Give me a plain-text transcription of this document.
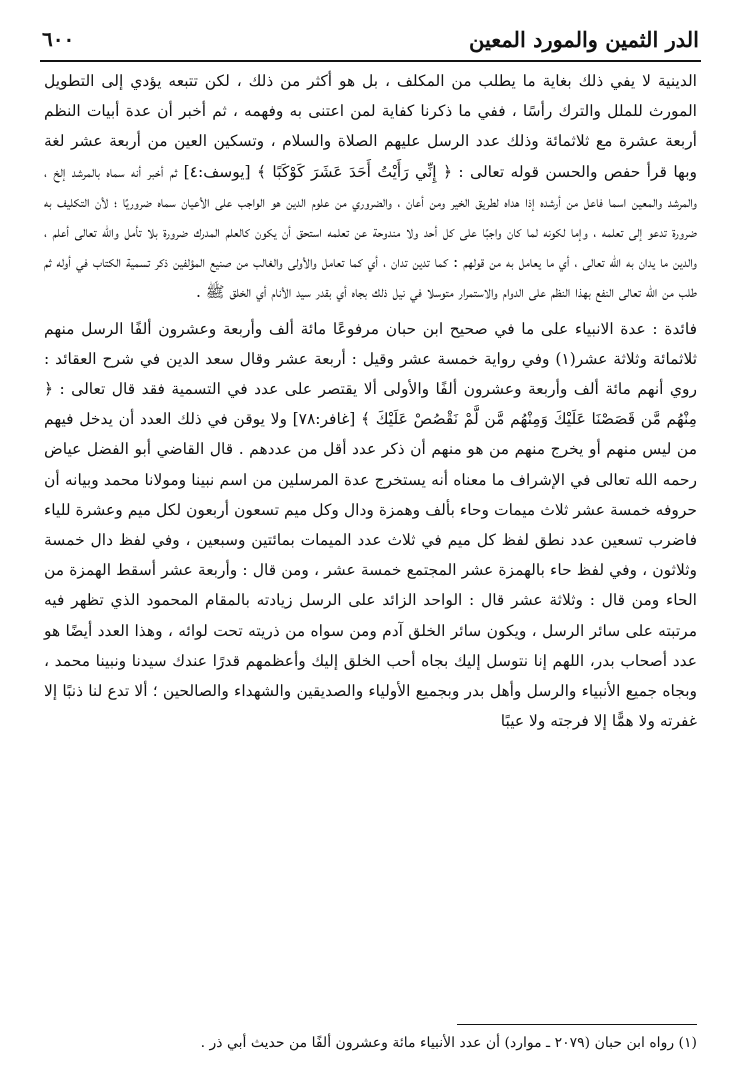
الدر الثمين والمورد المعين
٦٠٠

الدينية لا يفي ذلك بغاية ما يطلب من المكلف ، بل هو أكثر من ذلك ، لكن تتبعه يؤدي إلى التطويل المورث للملل والترك رأسًا ، ففي ما ذكرنا كفاية لمن اعتنى به وفهمه ، ثم أخبر أن عدة أبيات النظم أربعة عشرة مع ثلاثمائة وذلك عدد الرسل عليهم الصلاة والسلام ، وتسكين العين من أربعة عشر لغة وبها قرأ حفص والحسن قوله تعالى : ﴿ إِنِّي رَأَيْتُ أَحَدَ عَشَرَ كَوْكَبًا ﴾ [يوسف:٤] ثم أخبر أنه سماه بالمرشد إلخ ، والمرشد والمعين اسما فاعل من أرشده إذا هداه لطريق الخير ومن أعان ، والضروري من علوم الدين هو الواجب على الأعيان سماه ضروريًا ؛ لأن التكليف به ضرورة تدعو إلى تعلمه ، وإما لكونه لما كان واجبًا على كل أحد ولا مندوحة عن تعلمه استحق أن يكون كالعلم المدرك ضرورة بلا تأمل والله تعالى أعلم ، والدين ما يدان به الله تعالى ، أي ما يعامل به من قولهم : كما تدين تدان ، أي كما تعامل والأولى والغالب من صنيع المؤلفين ذكر تسمية الكتاب في أوله ثم طلب من الله تعالى النفع بهذا النظم على الدوام والاستمرار متوسلا في نيل ذلك بجاه أي بقدر سيد الأنام أي الخلق ﷺ .

فائدة : عدة الانبياء على ما في صحيح ابن حبان مرفوعًا مائة ألف وأربعة وعشرون ألفًا الرسل منهم ثلاثمائة وثلاثة عشر(١) وفي رواية خمسة عشر وقيل : أربعة عشر وقال سعد الدين في شرح العقائد : روي أنهم مائة ألف وأربعة وعشرون ألفًا والأولى ألا يقتصر على عدد في التسمية فقد قال تعالى : ﴿ مِنْهُم مَّن قَصَصْنَا عَلَيْكَ وَمِنْهُم مَّن لَّمْ نَقْصُصْ عَلَيْكَ ﴾ [غافر:٧٨] ولا يوقن في ذلك العدد أن يدخل فيهم من ليس منهم أو يخرج منهم من هو منهم أن ذكر عدد أقل من عددهم . قال القاضي أبو الفضل عياض رحمه الله تعالى في الإشراف ما معناه أنه يستخرج عدة المرسلين من اسم نبينا ومولانا محمد وبيانه أن حروفه خمسة عشر ثلاث ميمات وحاء بألف وهمزة ودال وكل ميم تسعون أربعون لكل ميم وعشرة للياء فاضرب تسعين عدد نطق لفظ كل ميم في ثلاث عدد الميمات بمائتين وسبعين ، وفي لفظ دال خمسة وثلاثون ، وفي لفظ حاء بالهمزة عشر المجتمع خمسة عشر ، ومن قال : وأربعة عشر أسقط الهمزة من الحاء ومن قال : وثلاثة عشر قال : الواحد الزائد على الرسل زيادته بالمقام المحمود الذي تظهر فيه مرتبته على سائر الرسل ، ويكون سائر الخلق آدم ومن سواه من ذريته تحت لوائه ، وهذا العدد أيضًا هو عدد أصحاب بدر، اللهم إنا نتوسل إليك بجاه أحب الخلق إليك وأعظمهم قدرًا عندك سيدنا ونبينا محمد ، وبجاه جميع الأنبياء والرسل وأهل بدر وبجميع الأولياء والصديقين والشهداء والصالحين ؛ ألا تدع لنا ذنبًا إلا غفرته ولا همًّا إلا فرجته ولا عيبًا

(١) رواه ابن حبان (٢٠٧٩ ـ موارد) أن عدد الأنبياء مائة وعشرون ألفًا من حديث أبي ذر .
